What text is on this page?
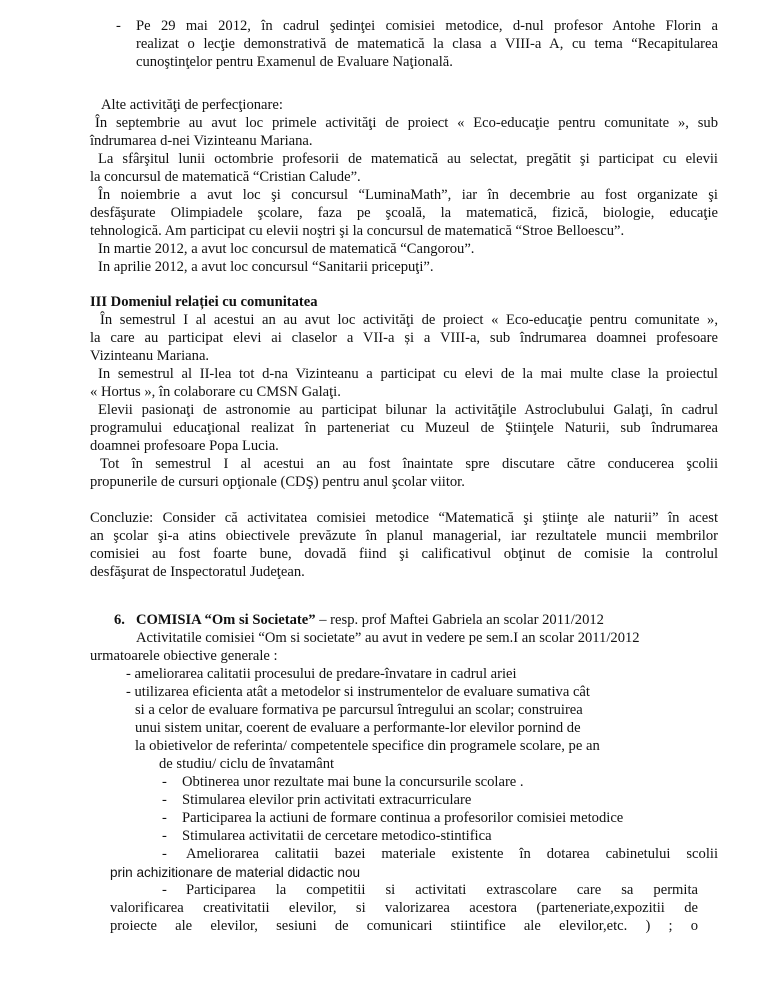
- Pe 29 mai 2012, în cadrul şedinţei comisiei metodice, d-nul profesor Antohe Florin a
realizat o lecţie demonstrativă de matematică la clasa a VIII-a A, cu tema “Recapitularea
cunoştinţelor pentru Examenul de Evaluare Naţională.
Alte activităţi de perfecţionare:
În septembrie au avut loc primele activităţi de proiect « Eco-educaţie pentru comunitate », sub
îndrumarea d-nei Vizinteanu Mariana.
La sfârşitul lunii octombrie profesorii de matematică au selectat, pregătit şi participat cu elevii
la concursul de matematică “Cristian Calude”.
În noiembrie a avut loc şi concursul “LuminaMath”, iar în decembrie au fost organizate şi
desfăşurate Olimpiadele şcolare, faza pe şcoală, la matematică, fizică, biologie, educaţie
tehnologică. Am participat cu elevii noştri şi la concursul de matematică “Stroe Belloescu”.
In martie 2012, a avut loc concursul de matematică “Cangorou”.
In aprilie 2012, a avut loc concursul “Sanitarii pricepuţi”.
III Domeniul relației cu comunitatea
În semestrul I al acestui an au avut loc activităţi de proiect « Eco-educaţie pentru comunitate »,
la care au participat elevi ai claselor a VII-a și a VIII-a, sub îndrumarea doamnei profesoare
Vizinteanu Mariana.
In semestrul al II-lea tot d-na Vizinteanu a participat cu elevi de la mai multe clase la proiectul
« Hortus », în colaborare cu CMSN Galaţi.
Elevii pasionaţi de astronomie au participat bilunar la activităţile Astroclubului Galaţi, în cadrul
programului educaţional realizat în parteneriat cu Muzeul de Ştiinţele Naturii, sub îndrumarea
doamnei profesoare Popa Lucia.
Tot în semestrul I al acestui an au fost înaintate spre discutare către conducerea şcolii
propunerile de cursuri opţionale (CDŞ) pentru anul şcolar viitor.
Concluzie: Consider că activitatea comisiei metodice “Matematică şi ştiinţe ale naturii” în acest
an şcolar şi-a atins obiectivele prevăzute în planul managerial, iar rezultatele muncii membrilor
comisiei au fost foarte bune, dovadă fiind şi calificativul obţinut de comisie la controlul
desfăşurat de Inspectoratul Judeţean.
6. COMISIA “Om si Societate” – resp. prof Maftei Gabriela an scolar 2011/2012
Activitatile comisiei “Om si societate” au avut in vedere pe sem.I an scolar 2011/2012
urmatoarele obiective generale :
- ameliorarea calitatii procesului de predare-învatare in cadrul ariei
- utilizarea eficienta atât a metodelor si instrumentelor de evaluare sumativa cât
si a celor de evaluare formativa pe parcursul întregului an scolar; construirea
unui sistem unitar, coerent de evaluare a performante-lor elevilor pornind de
la obietivelor de referinta/ competentele specifice din programele scolare, pe an
de studiu/ ciclu de învatamânt
- Obtinerea unor rezultate mai bune la concursurile scolare .
- Stimularea elevilor prin activitati extracurriculare
- Participarea la actiuni de formare continua a profesorilor comisiei metodice
- Stimularea activitatii de cercetare metodico-stintifica
- Ameliorarea calitatii bazei materiale existente în dotarea cabinetului scolii
prin achizitionare de material didactic nou
- Participarea la competitii si activitati extrascolare care sa permita
valorificarea creativitatii elevilor, si valorizarea acestora (parteneriate,expozitii de
proiecte ale elevilor, sesiuni de comunicari stiintifice ale elevilor,etc. ) ; o
